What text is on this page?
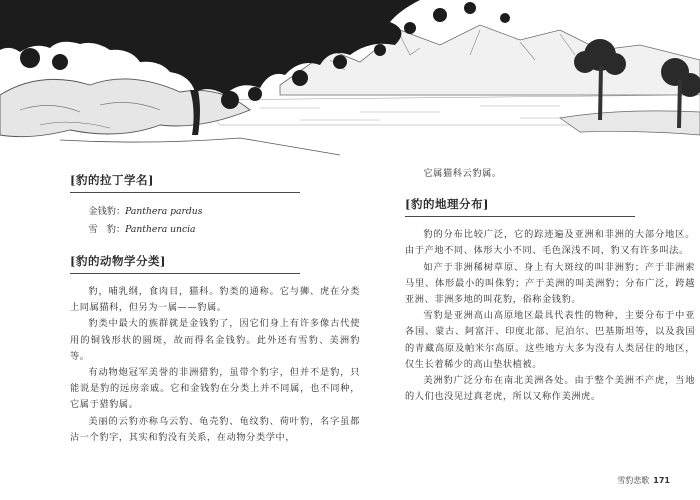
[豹的拉丁学名]
金钱豹：Panthera pardus
雪　豹：Panthera uncia
[豹的动物学分类]

豹，哺乳纲，食肉目，猫科。豹类的通称。它与狮、虎在分类上同属猫科，但另为一属——豹属。

豹类中最大的族群就是金钱豹了，因它们身上有许多像古代使用的铜钱形状的圆斑，故而得名金钱豹。此外还有雪豹、美洲豹等。

有动物炮冠军美誉的非洲猎豹，虽带个豹字，但并不是豹，只能说是豹的远房亲戚。它和金钱豹在分类上并不同属，也不同种，它属于猎豹属。

美丽的云豹亦称乌云豹、龟壳豹、龟纹豹、荷叶豹，名字虽都沾一个豹字，其实和豹没有关系，在动物分类学中，

它属猫科云豹属。

[豹的地理分布]

豹的分布比较广泛，它的踪迹遍及亚洲和非洲的大部分地区。由于产地不同、体形大小不同、毛色深浅不同，豹又有许多叫法。

如产于非洲稀树草原、身上有大斑纹的叫非洲豹；产于非洲索马里、体形最小的叫侏豹；产于美洲的叫美洲豹；分布广泛，跨越亚洲、非洲多地的叫花豹，俗称金钱豹。

雪豹是亚洲高山高原地区最具代表性的物种，主要分布于中亚各国、蒙古、阿富汗、印度北部、尼泊尔、巴基斯坦等，以及我国的青藏高原及帕米尔高原。这些地方大多为没有人类居住的地区，仅生长着稀少的高山垫状植被。

美洲豹广泛分布在南北美洲各处。由于整个美洲不产虎，当地的人们也没见过真老虎，所以又称作美洲虎。

雪豹悲歌 171
